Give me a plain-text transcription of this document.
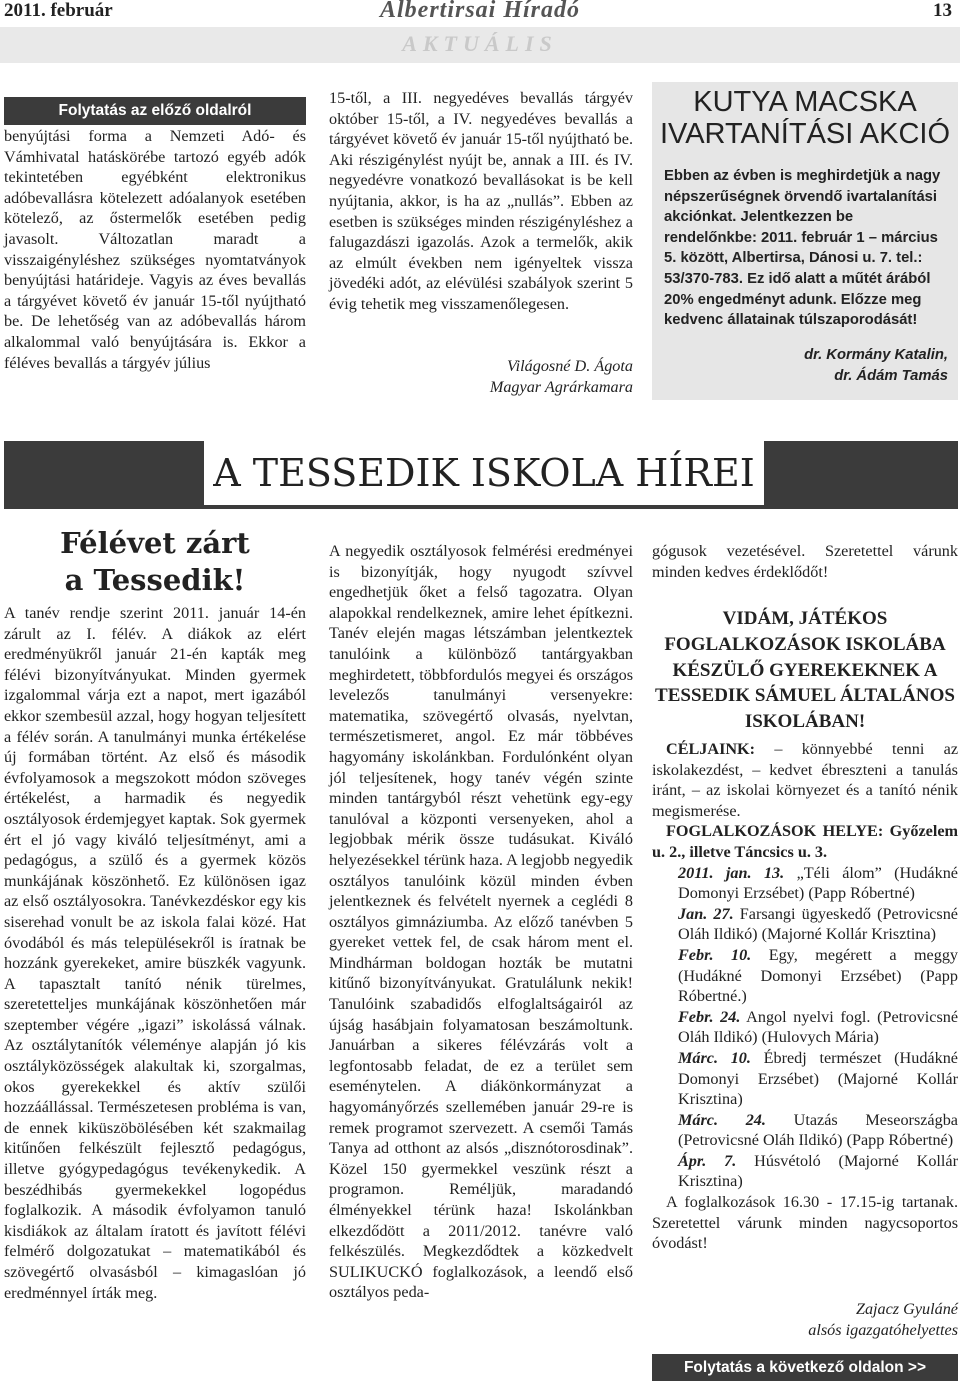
2011. február	Albertirsai Híradó	13
AKTUÁLIS
Folytatás az előző oldalról

benyújtási forma a Nemzeti Adó- és Vámhivatal hatáskörébe tartozó egyéb adók tekintetében egyébként elektronikus adóbevallásra kötelezett adóalanyok esetében kötelező, az őstermelők esetében pedig javasolt. Változatlan maradt a visszaigényléshez szükséges nyomtatványok benyújtási határideje. Vagyis az éves bevallás a tárgyévet követő év január 15-től nyújtható be. De lehetőség van az adóbevallás három alkalommal való benyújtására is. Ekkor a féléves bevallás a tárgyév július

15-től, a III. negyedéves bevallás tárgyév október 15-től, a IV. negyedéves bevallás a tárgyévet követő év január 15-től nyújtható be. Aki részigénylést nyújt be, annak a III. és IV. negyedévre vonatkozó bevallásokat is be kell nyújtania, akkor, is ha az „nullás”. Ebben az esetben is szükséges minden részigényléshez a falugazdászi igazolás. Azok a termelők, akik az elmúlt években nem igényeltek vissza jövedéki adót, az elévülési szabályok szerint 5 évig tehetik meg visszamenőlegesen.

Világosné D. Ágota
Magyar Agrárkamara
KUTYA MACSKA
IVARTANÍTÁSI AKCIÓ
Ebben az évben is meghirdetjük a nagy népszerűségnek örvendő ivartalanítási akciónkat. Jelentkezzen be rendelőnkbe: 2011. február 1 – március 5. között, Albertirsa, Dánosi u. 7. tel.: 53/370-783. Ez idő alatt a műtét árából 20% engedményt adunk. Előzze meg kedvenc állatainak túlszaporodását!
dr. Kormány Katalin,
dr. Ádám Tamás
A TESSEDIK ISKOLA HÍREI
Félévet zárt
a Tessedik!

A tanév rendje szerint 2011. január 14-én zárult az I. félév. A diákok az elért eredményükről január 21-én kapták meg félévi bizonyítványukat. Minden gyermek izgalommal várja ezt a napot, mert igazából ekkor szembesül azzal, hogy hogyan teljesített a félév során. A tanulmányi munka értékelése új formában történt. Az első és második évfolyamosok a megszokott módon szöveges értékelést, a harmadik és negyedik osztályosok érdemjegyet kaptak. Sok gyermek ért el jó vagy kiváló teljesítményt, ami a pedagógus, a szülő és a gyermek közös munkájának köszönhető. Ez különösen igaz az első osztályosokra. Tanévkezdéskor egy kis siserehad vonult be az iskola falai közé. Hat óvodából és más településekről is íratnak be hozzánk gyerekeket, amire büszkék vagyunk. A tapasztalt tanító nénik türelmes, szeretetteljes munkájának köszönhetően már szeptember végére „igazi” iskolássá válnak. Az osztálytanítók véleménye alapján jó kis osztályközösségek alakultak ki, szorgalmas, okos gyerekekkel és aktív szülői hozzáállással. Természetesen probléma is van, de ennek kiküszöbölésében két szakmailag kitűnően felkészült fejlesztő pedagógus, illetve gyógypedagógus tevékenykedik. A beszédhibás gyermekekkel logopédus foglalkozik. A második évfolyamon tanuló kisdiákok az általam íratott és javított félévi felmérő dolgozatukat – matematikából és szövegértő olvasásból – kimagaslóan jó eredménnyel írták meg.

A negyedik osztályosok felmérési eredményei is bizonyítják, hogy nyugodt szívvel engedhetjük őket a felső tagozatra. Olyan alapokkal rendelkeznek, amire lehet építkezni. Tanév elején magas létszámban jelentkeztek tanulóink a különböző tantárgyakban meghirdetett, többfordulós megyei és országos levelezős tanulmányi versenyekre: matematika, szövegértő olvasás, nyelvtan, természetismeret, angol. Ez már többéves hagyomány iskolánkban. Fordulónként olyan jól teljesítenek, hogy tanév végén szinte minden tantárgyból részt vehetünk egy-egy tanulóval a központi versenyeken, ahol a legjobbak mérik össze tudásukat. Kiváló helyezésekkel térünk haza. A legjobb negyedik osztályos tanulóink közül minden évben jelentkeznek és felvételt nyernek a ceglédi 8 osztályos gimnáziumba. Az előző tanévben 5 gyereket vettek fel, de csak három ment el. Mindhárman boldogan hozták be mutatni kitűnő bizonyítványukat. Gratulálunk nekik! Tanulóink szabadidős elfoglaltságairól az újság hasábjain folyamatosan beszámoltunk. Januárban a sikeres félévzárás volt a legfontosabb feladat, de ez a terület sem eseménytelen. A diákönkormányzat a hagyományőrzés szellemében január 29-re is remek programot szervezett. A csemői Tamás Tanya ad otthont az alsós „disznótorosdinak”. Közel 150 gyermekkel veszünk részt a programon. Reméljük, maradandó élményekkel térünk haza! Iskolánkban elkezdődött a 2011/2012. tanévre való felkészülés. Megkezdődtek a közkedvelt SULIKUCKÓ foglalkozások, a leendő első osztályos peda-

gógusok vezetésével. Szeretettel várunk minden kedves érdeklődőt!

VIDÁM, JÁTÉKOS FOGLALKOZÁSOK ISKOLÁBA KÉSZÜLŐ GYEREKEKNEK A TESSEDIK SÁMUEL ÁLTALÁNOS ISKOLÁBAN!

CÉLJAINK: – könnyebbé tenni az iskolakezdést, – kedvet ébreszteni a tanulás iránt, – az iskolai környezet és a tanító nénik megismerése.

FOGLALKOZÁSOK HELYE: Győzelem u. 2., illetve Táncsics u. 3.

2011. jan. 13. „Téli álom” (Hudákné Domonyi Erzsébet) (Papp Róbertné)

Jan. 27. Farsangi ügyeskedő (Petrovicsné Oláh Ildikó) (Majorné Kollár Krisztina)

Febr. 10. Egy, megérett a meggy (Hudákné Domonyi Erzsébet) (Papp Róbertné.)

Febr. 24. Angol nyelvi fogl. (Petrovicsné Oláh Ildikó) (Hulovych Mária)

Márc. 10. Ébredj természet (Hudákné Domonyi Erzsébet) (Majorné Kollár Krisztina)

Márc. 24. Utazás Meseországba (Petrovicsné Oláh Ildikó) (Papp Róbertné)

Ápr. 7. Húsvétoló (Majorné Kollár Krisztina)

A foglalkozások 16.30 - 17.15-ig tartanak. Szeretettel várunk minden nagycsoportos óvodást!

Zajacz Gyuláné
alsós igazgatóhelyettes
Folytatás a következő oldalon >>
